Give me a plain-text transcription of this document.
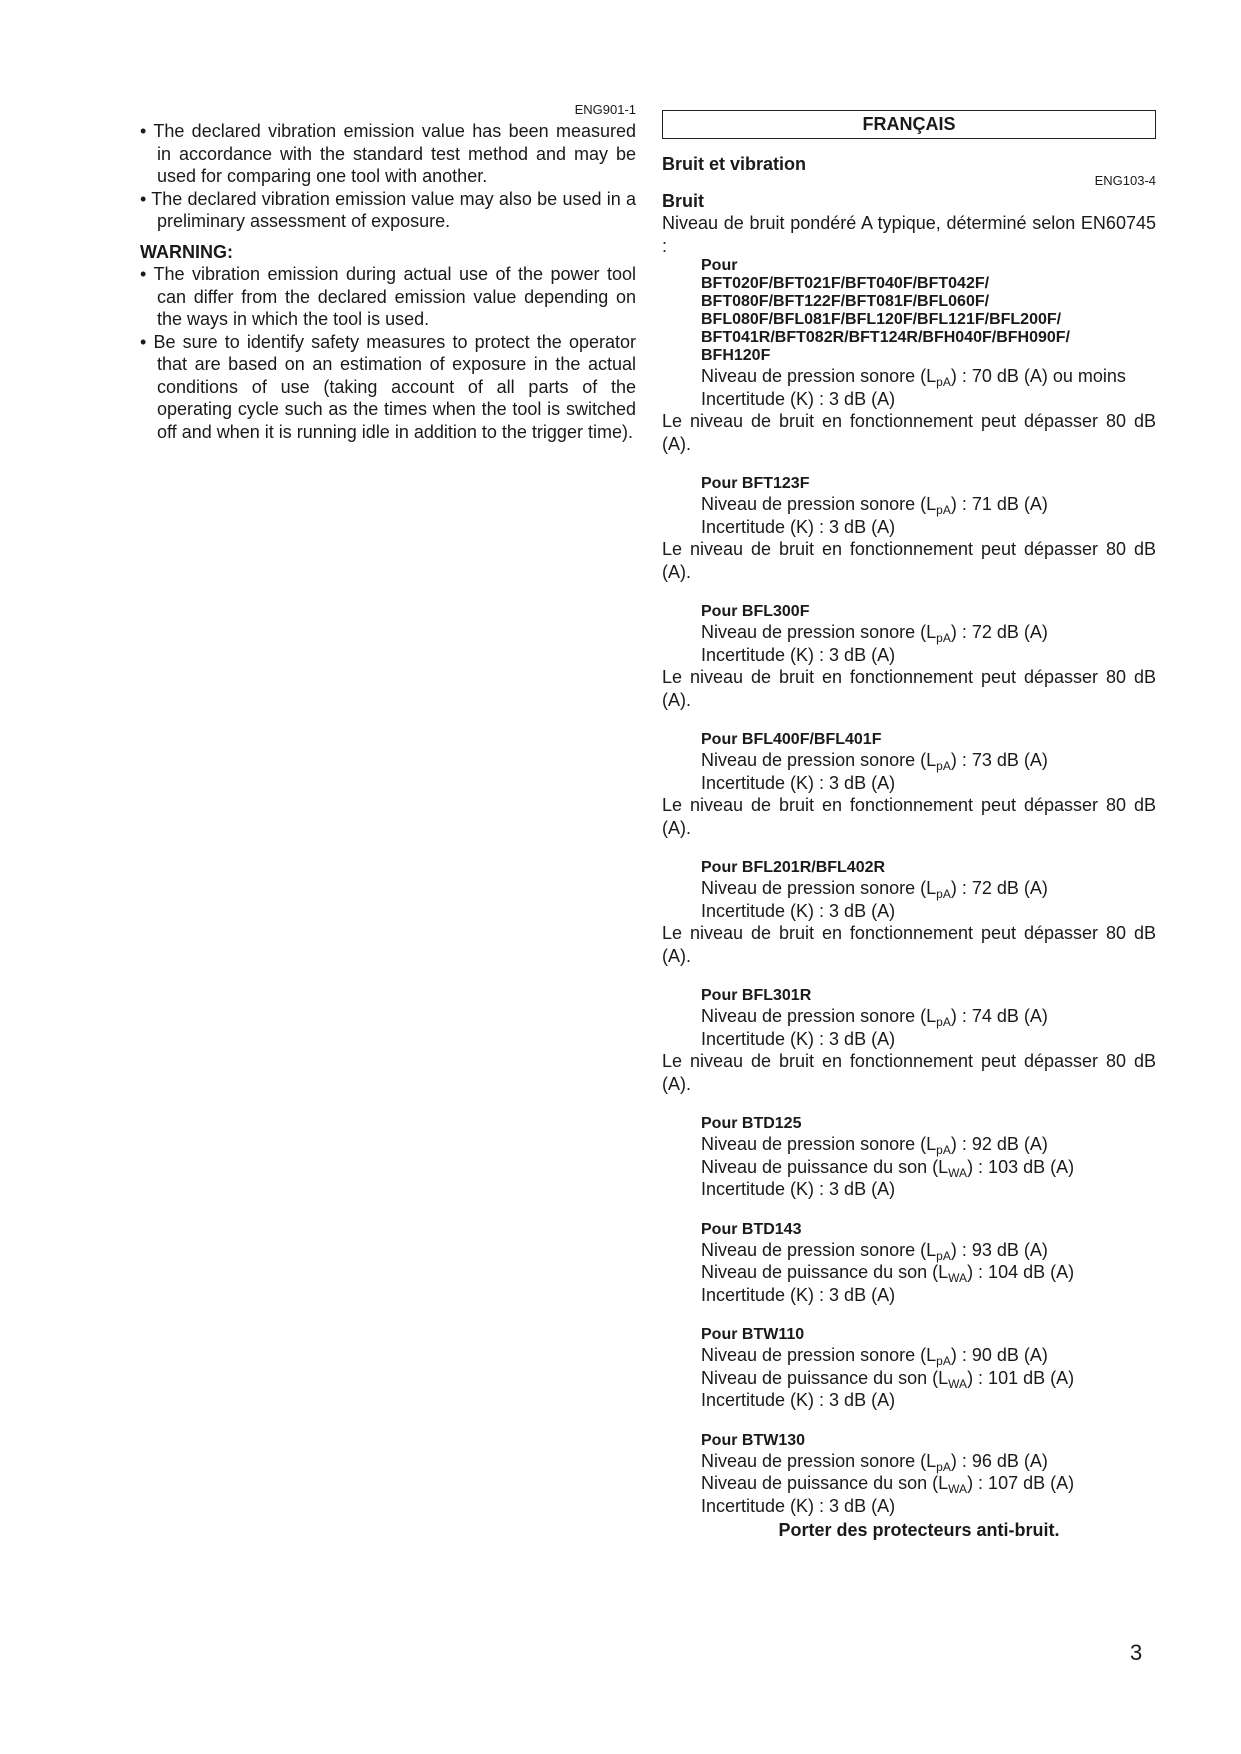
ENG901-1

• The declared vibration emission value has been measured in accordance with the standard test method and may be used for comparing one tool with another.

• The declared vibration emission value may also be used in a preliminary assessment of exposure.

WARNING:

• The vibration emission during actual use of the power tool can differ from the declared emission value depending on the ways in which the tool is used.

• Be sure to identify safety measures to protect the operator that are based on an estimation of exposure in the actual conditions of use (taking account of all parts of the operating cycle such as the times when the tool is switched off and when it is running idle in addition to the trigger time).

FRANÇAIS
Bruit et vibration
ENG103-4
Bruit

Niveau de bruit pondéré A typique, déterminé selon EN60745 :

Pour
BFT020F/BFT021F/BFT040F/BFT042F/
BFT080F/BFT122F/BFT081F/BFL060F/
BFL080F/BFL081F/BFL120F/BFL121F/BFL200F/
BFT041R/BFT082R/BFT124R/BFH040F/BFH090F/
BFH120F

Niveau de pression sonore $(L_{pA})$ : 70 dB (A) ou moins

Incertitude (K) : 3 dB (A)

Le niveau de bruit en fonctionnement peut dépasser 80 dB (A).

Pour BFT123F

Niveau de pression sonore $(L_{pA})$ : 71 dB (A)

Incertitude (K) : 3 dB (A)

Le niveau de bruit en fonctionnement peut dépasser 80 dB (A).

Pour BFL300F

Niveau de pression sonore $(L_{pA})$ : 72 dB (A)

Incertitude (K) : 3 dB (A)

Le niveau de bruit en fonctionnement peut dépasser 80 dB (A).

Pour BFL400F/BFL401F

Niveau de pression sonore $(L_{pA})$ : 73 dB (A)

Incertitude (K) : 3 dB (A)

Le niveau de bruit en fonctionnement peut dépasser 80 dB (A).

Pour BFL201R/BFL402R

Niveau de pression sonore $(L_{pA})$ : 72 dB (A)

Incertitude (K) : 3 dB (A)

Le niveau de bruit en fonctionnement peut dépasser 80 dB (A).

Pour BFL301R

Niveau de pression sonore $(L_{pA})$ : 74 dB (A)

Incertitude (K) : 3 dB (A)

Le niveau de bruit en fonctionnement peut dépasser 80 dB (A).

Pour BTD125

Niveau de pression sonore $(L_{pA})$ : 92 dB (A)

Niveau de puissance du son $(L_{WA})$ : 103 dB (A)

Incertitude (K) : 3 dB (A)

Pour BTD143

Niveau de pression sonore $(L_{pA})$ : 93 dB (A)

Niveau de puissance du son $(L_{WA})$ : 104 dB (A)

Incertitude (K) : 3 dB (A)

Pour BTW110

Niveau de pression sonore $(L_{pA})$ : 90 dB (A)

Niveau de puissance du son $(L_{WA})$ : 101 dB (A)

Incertitude (K) : 3 dB (A)

Pour BTW130

Niveau de pression sonore $(L_{pA})$ : 96 dB (A)

Niveau de puissance du son $(L_{WA})$ : 107 dB (A)

Incertitude (K) : 3 dB (A)

Porter des protecteurs anti-bruit.
3
